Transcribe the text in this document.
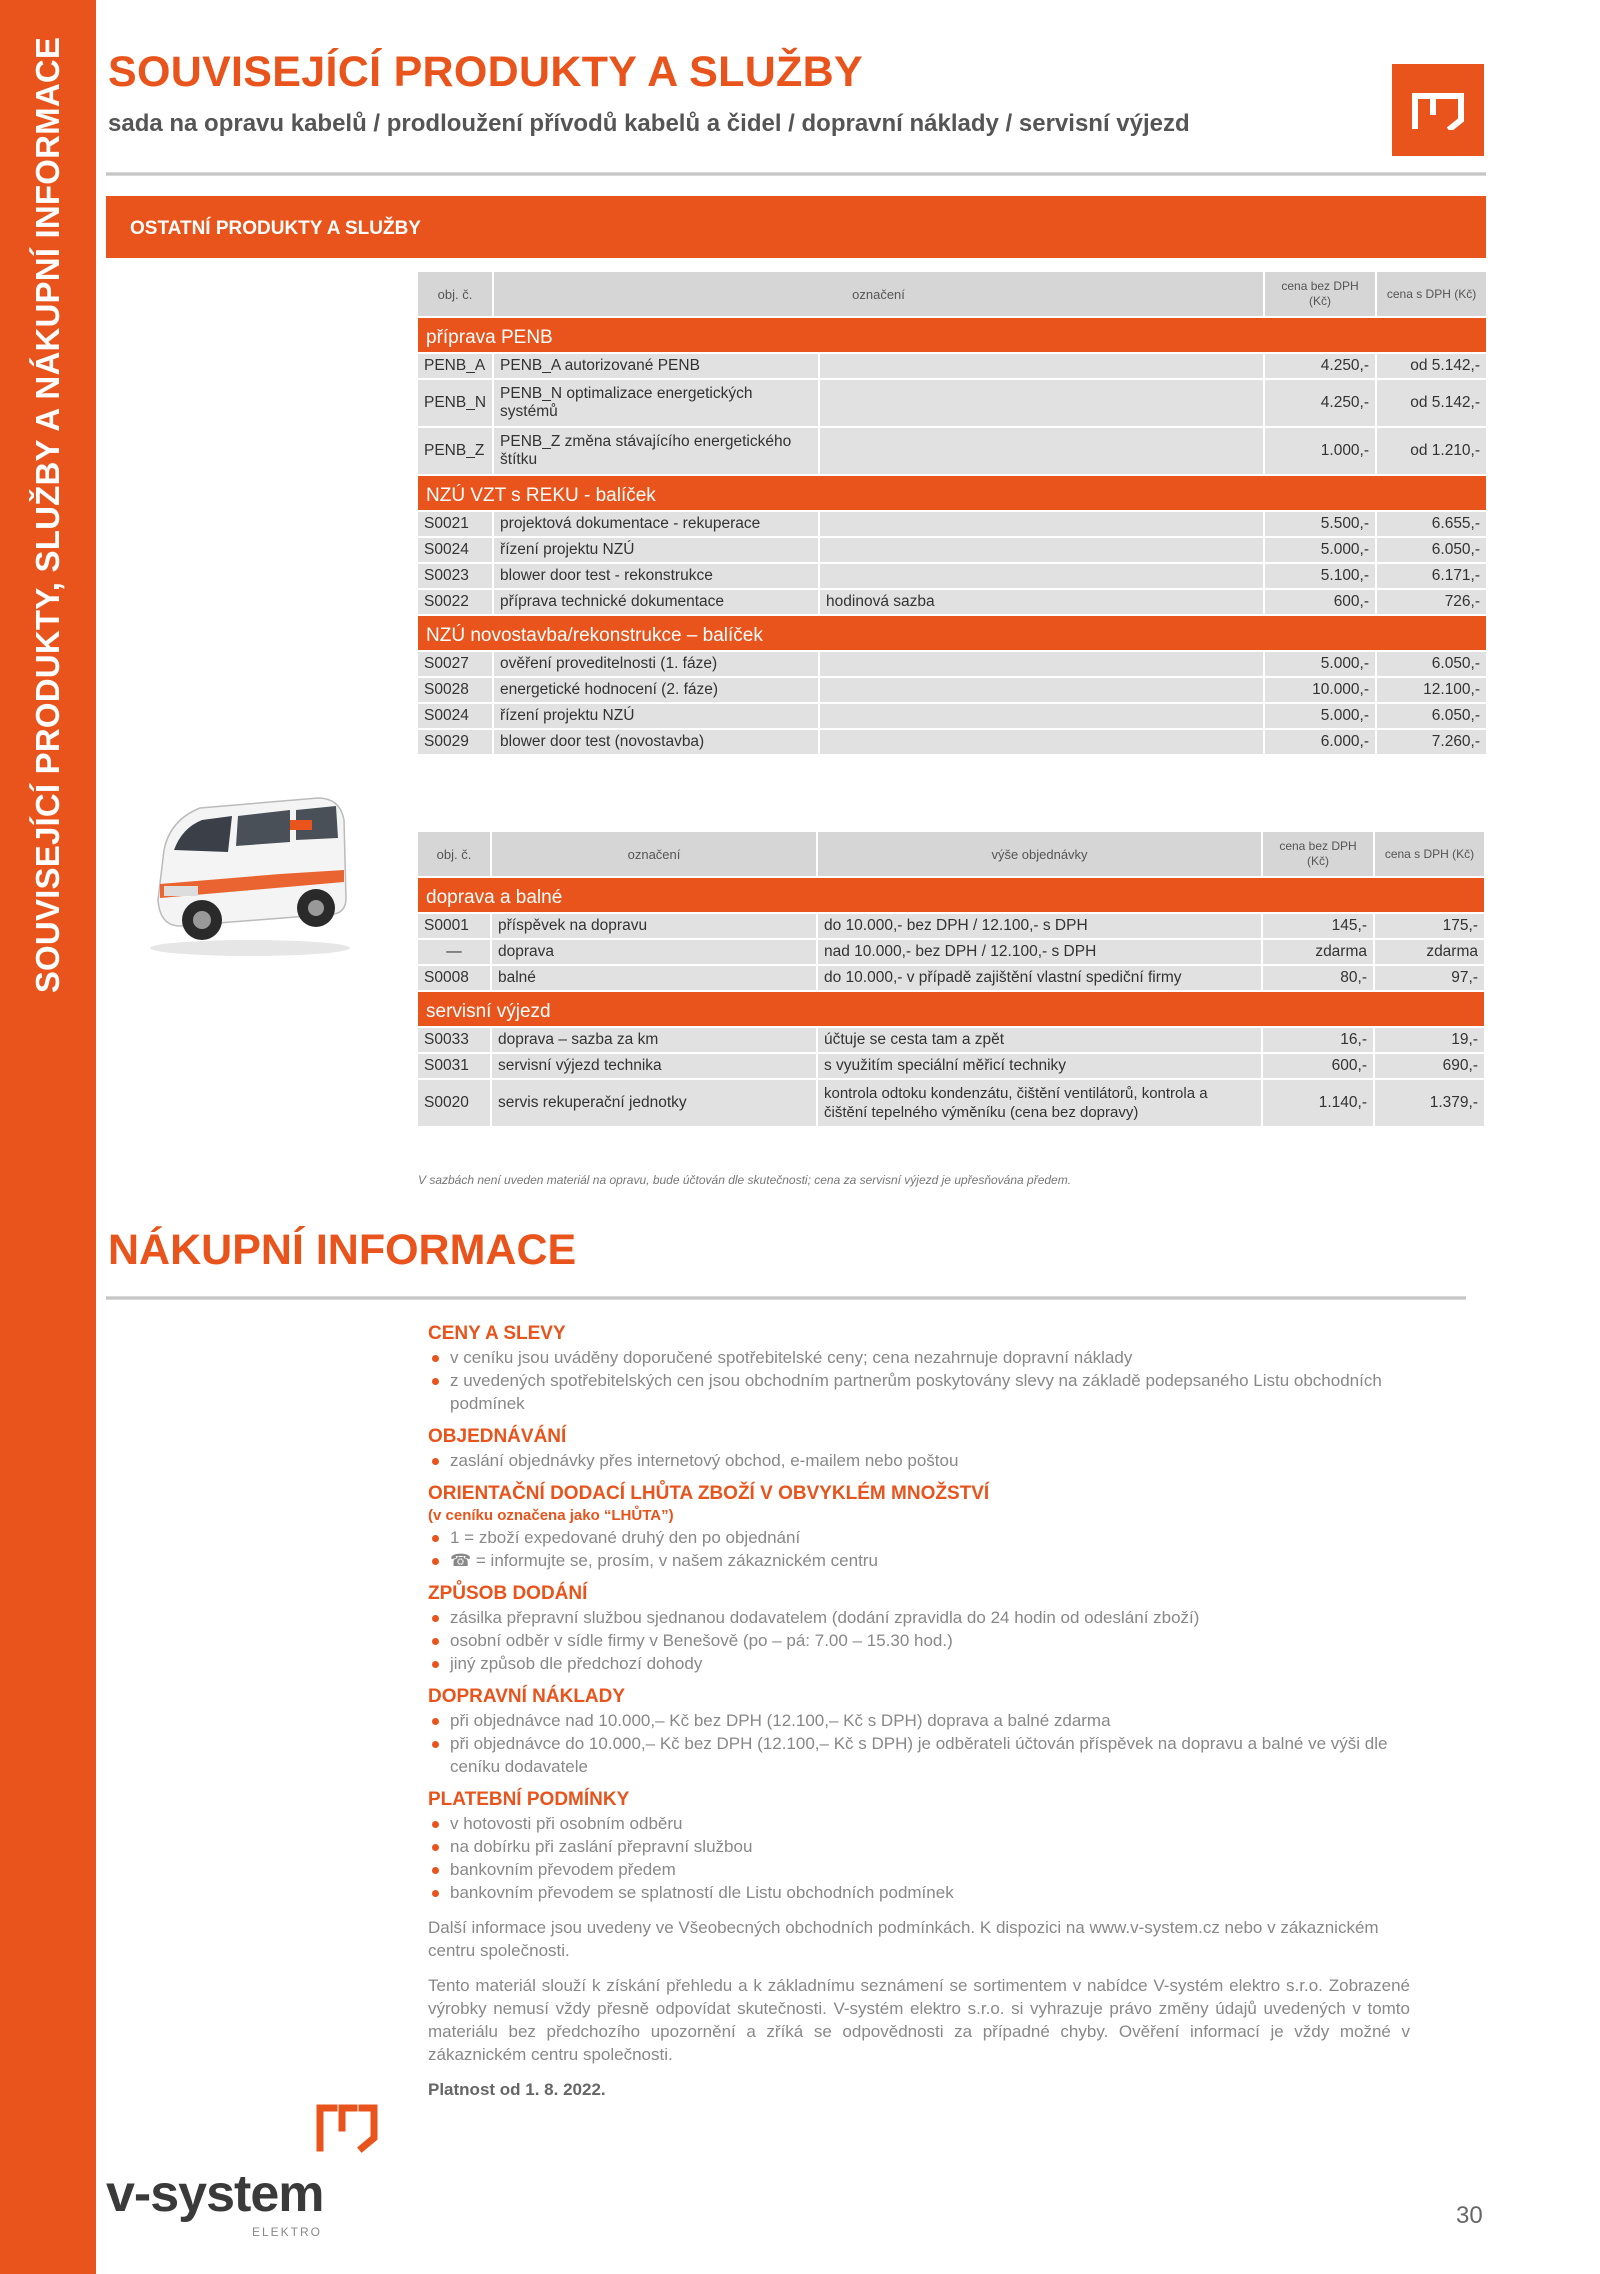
SOUVISEJÍCÍ PRODUKTY, SLUŽBY A NÁKUPNÍ INFORMACE SOUVISEJÍCÍ PRODUKTY A SLUŽBY
sada na opravu kabelů / prodloužení přívodů kabelů a čidel / dopravní náklady / servisní výjezd
OSTATNÍ PRODUKTY A SLUŽBY
obj. č.	označení		cena bez DPH (Kč)	cena s DPH (Kč)
příprava PENB				
PENB_A	PENB_A autorizované PENB		4.250,-	od 5.142,-
PENB_N	PENB_N optimalizace energetických systémů		4.250,-	od 5.142,-
PENB_Z	PENB_Z změna stávajícího energetického štítku		1.000,-	od 1.210,-
NZÚ VZT s REKU - balíček				
S0021	projektová dokumentace - rekuperace		5.500,-	6.655,-
S0024	řízení projektu NZÚ		5.000,-	6.050,-
S0023	blower door test - rekonstrukce		5.100,-	6.171,-
S0022	příprava technické dokumentace	hodinová sazba	600,-	726,-
NZÚ novostavba/rekonstrukce – balíček				
S0027	ověření proveditelnosti (1. fáze)		5.000,-	6.050,-
S0028	energetické hodnocení (2. fáze)		10.000,-	12.100,-
S0024	řízení projektu NZÚ		5.000,-	6.050,-
S0029	blower door test (novostavba)		6.000,-	7.260,-
obj. č.	označení	výše objednávky	cena bez DPH (Kč)	cena s DPH (Kč)
doprava a balné				
S0001	příspěvek na dopravu	do 10.000,- bez DPH / 12.100,- s DPH	145,-	175,-
—	doprava	nad 10.000,- bez DPH / 12.100,- s DPH	zdarma	zdarma
S0008	balné	do 10.000,- v případě zajištění vlastní spediční firmy	80,-	97,-
servisní výjezd				
S0033	doprava – sazba za km	účtuje se cesta tam a zpět	16,-	19,-
S0031	servisní výjezd technika	s využitím speciální měřicí techniky	600,-	690,-
S0020	servis rekuperační jednotky	kontrola odtoku kondenzátu, čištění ventilátorů, kontrola a čištění tepelného výměníku (cena bez dopravy)	1.140,-	1.379,-
V sazbách není uveden materiál na opravu, bude účtován dle skutečnosti; cena za servisní výjezd je upřesňována předem.
NÁKUPNÍ INFORMACE
CENY A SLEVY
v ceníku jsou uváděny doporučené spotřebitelské ceny; cena nezahrnuje dopravní náklady
z uvedených spotřebitelských cen jsou obchodním partnerům poskytovány slevy na základě podepsaného Listu obchodních podmínek
OBJEDNÁVÁNÍ
zaslání objednávky přes internetový obchod, e-mailem nebo poštou
ORIENTAČNÍ DODACÍ LHŮTA ZBOŽÍ V OBVYKLÉM MNOŽSTVÍ
(v ceníku označena jako “LHŮTA”)
1 = zboží expedované druhý den po objednání
☎ = informujte se, prosím, v našem zákaznickém centru
ZPŮSOB DODÁNÍ
zásilka přepravní službou sjednanou dodavatelem (dodání zpravidla do 24 hodin od odeslání zboží)
osobní odběr v sídle firmy v Benešově (po – pá: 7.00 – 15.30 hod.)
jiný způsob dle předchozí dohody
DOPRAVNÍ NÁKLADY
při objednávce nad 10.000,– Kč bez DPH (12.100,– Kč s DPH) doprava a balné zdarma
při objednávce do 10.000,– Kč bez DPH (12.100,– Kč s DPH) je odběrateli účtován příspěvek na dopravu a balné ve výši dle ceníku dodavatele
PLATEBNÍ PODMÍNKY
v hotovosti při osobním odběru
na dobírku při zaslání přepravní službou
bankovním převodem předem
bankovním převodem se splatností dle Listu obchodních podmínek

Další informace jsou uvedeny ve Všeobecných obchodních podmínkách. K dispozici na www.v-system.cz nebo v zákaznickém centru společnosti.

Tento materiál slouží k získání přehledu a k základnímu seznámení se sortimentem v nabídce V-systém elektro s.r.o. Zobrazené výrobky nemusí vždy přesně odpovídat skutečnosti. V-systém elektro s.r.o. si vyhrazuje právo změny údajů uvedených v tomto materiálu bez předchozího upozornění a zříká se odpovědnosti za případné chyby. Ověření informací je vždy možné v zákaznickém centru společnosti.

Platnost od 1. 8. 2022.
v-system
ELEKTRO
30
